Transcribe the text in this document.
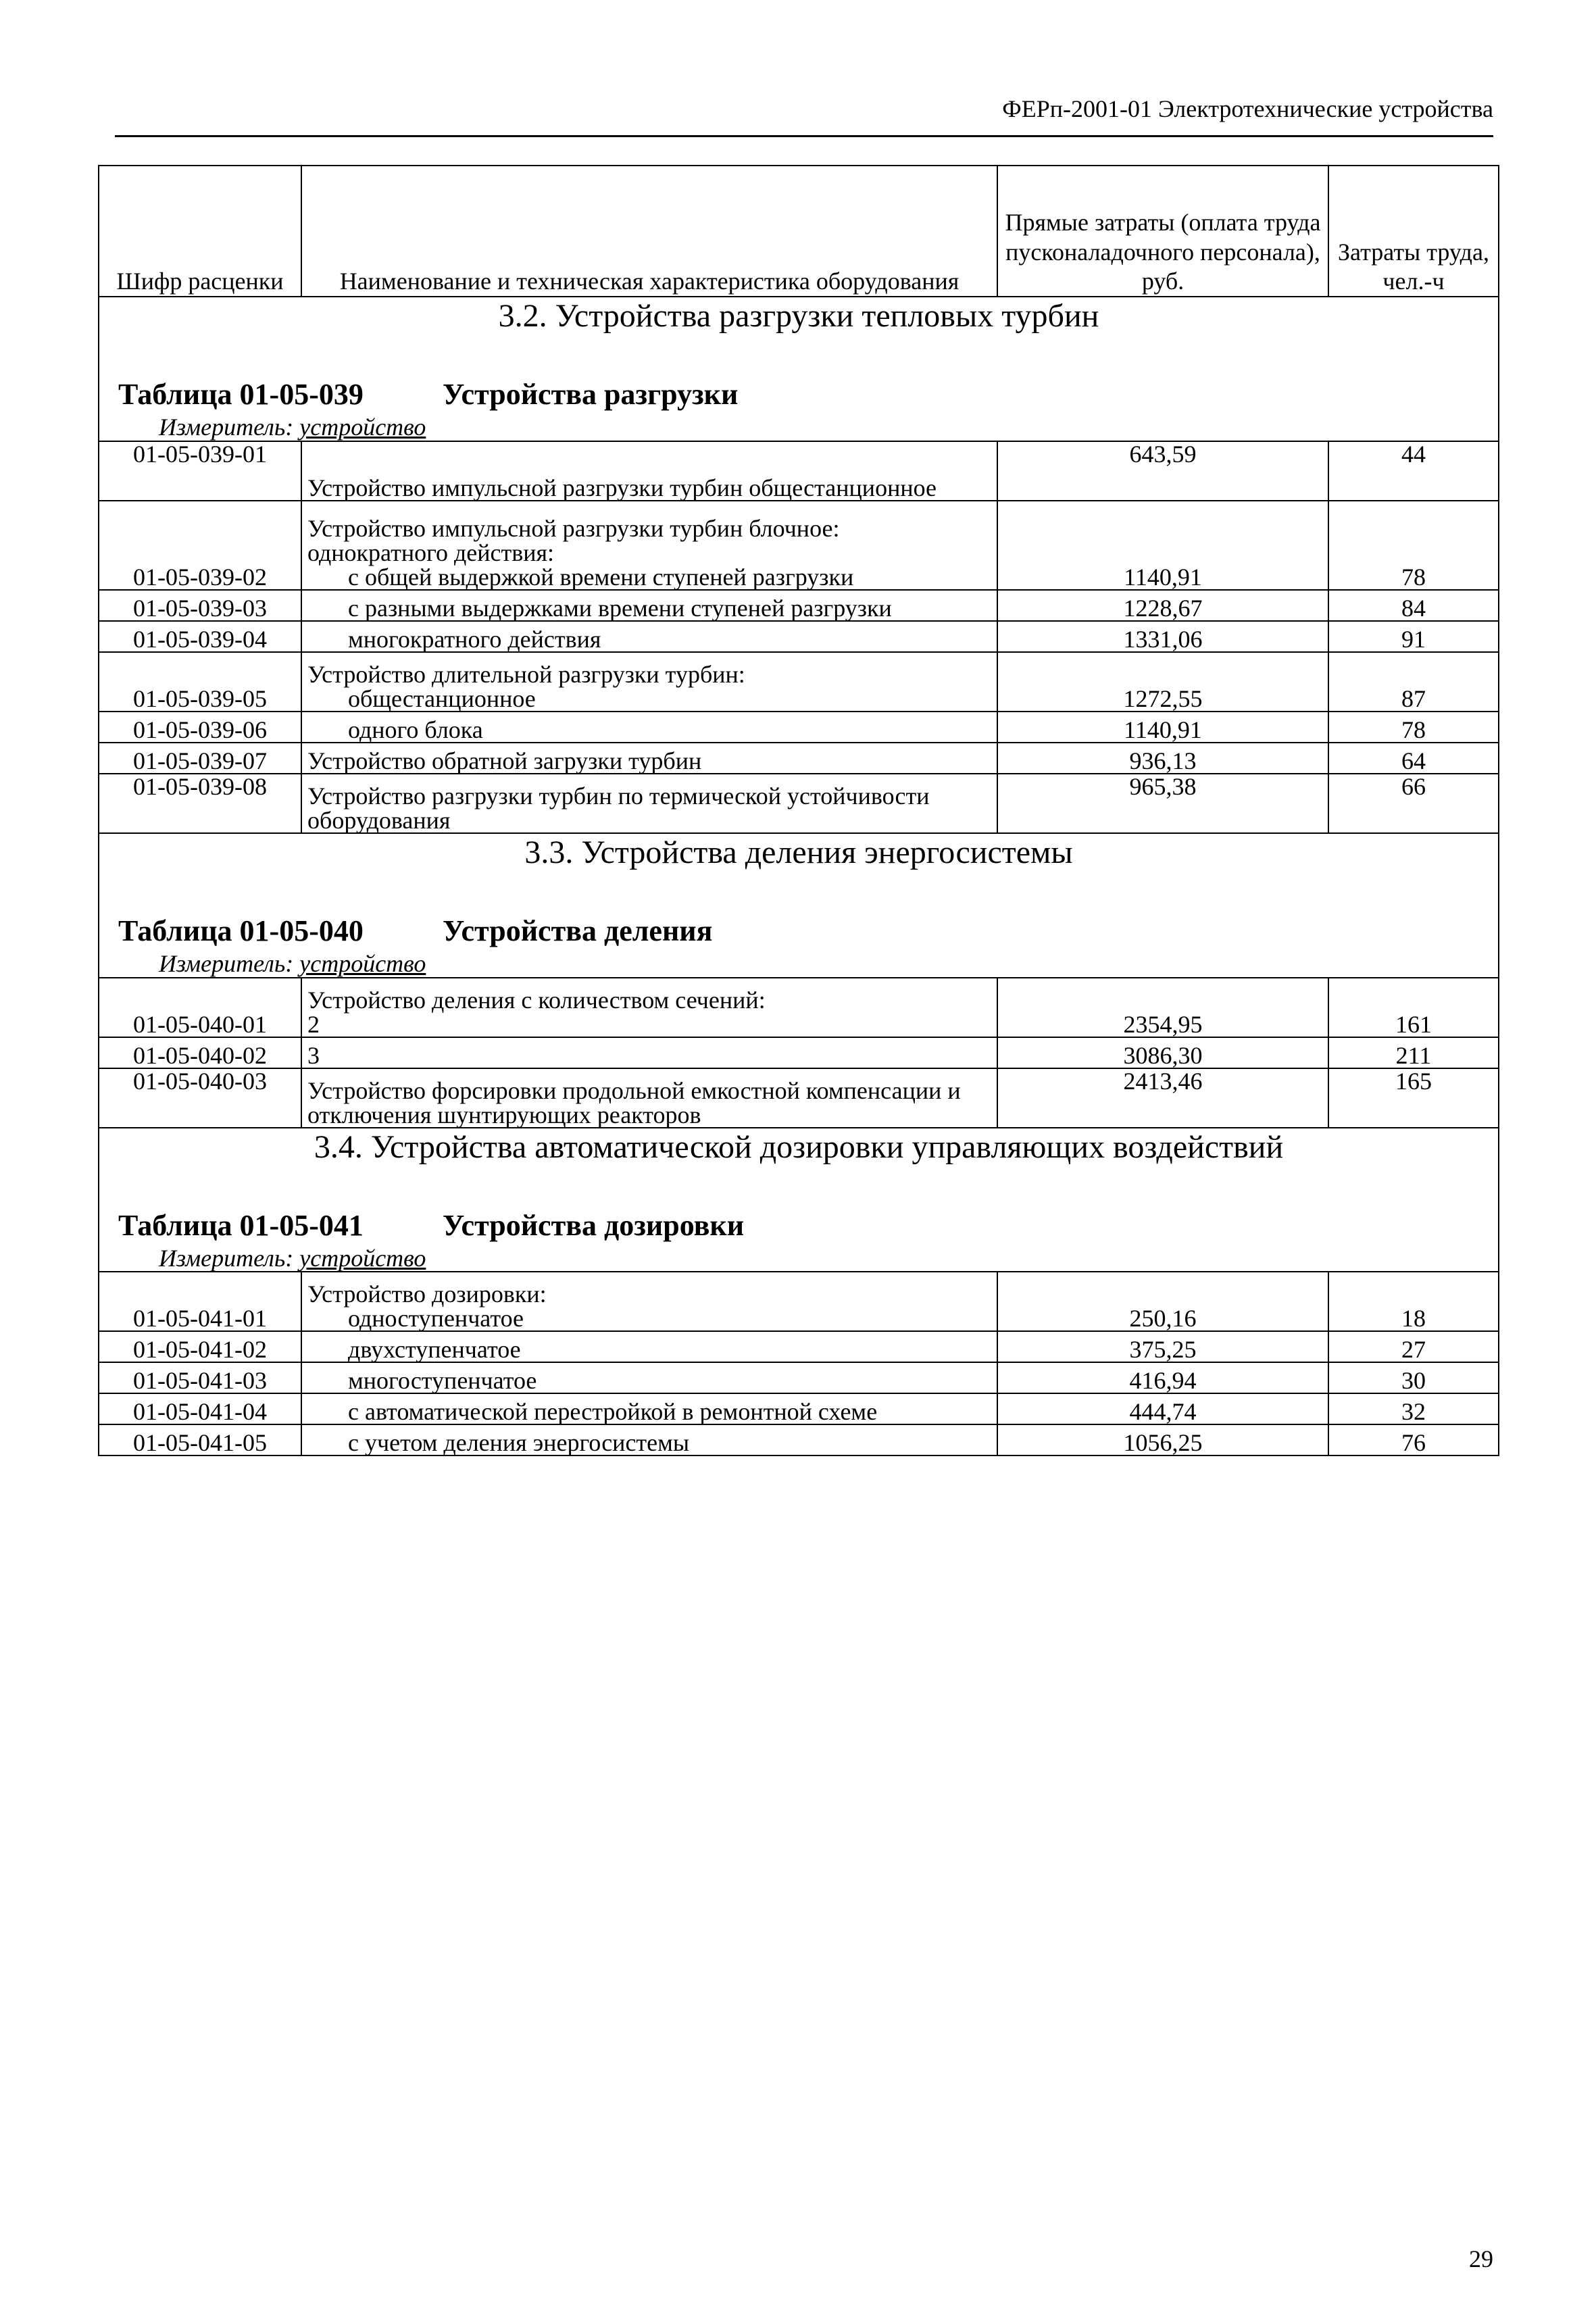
ФЕРп-2001-01 Электротехнические устройства
Шифр расценки	Наименование и техническая характеристика оборудования	Прямые затраты (оплата труда пусконаладочного персонала), руб.	Затраты труда, чел.-ч

3.2. Устройства разгрузки тепловых турбин
Таблица 01-05-039 Устройства разгрузки
Измеритель: устройство			

01-05-039-01	Устройство импульсной разгрузки турбин общестанционное	643,59	44
01-05-039-02	Устройство импульсной разгрузки турбин блочное:
однократного действия:
с общей выдержкой времени ступеней разгрузки	1140,91	78
01-05-039-03	с разными выдержками времени ступеней разгрузки	1228,67	84
01-05-039-04	многократного действия	1331,06	91
01-05-039-05	Устройство длительной разгрузки турбин:
общестанционное	1272,55	87
01-05-039-06	одного блока	1140,91	78
01-05-039-07	Устройство обратной загрузки турбин	936,13	64
01-05-039-08	Устройство разгрузки турбин по термической устойчивости оборудования	965,38	66

3.3. Устройства деления энергосистемы
Таблица 01-05-040 Устройства деления
Измеритель: устройство			

01-05-040-01	Устройство деления с количеством сечений:
2	2354,95	161
01-05-040-02	3	3086,30	211
01-05-040-03	Устройство форсировки продольной емкостной компенсации и отключения шунтирующих реакторов	2413,46	165

3.4. Устройства автоматической дозировки управляющих воздействий
Таблица 01-05-041 Устройства дозировки
Измеритель: устройство			

01-05-041-01	Устройство дозировки:
одноступенчатое	250,16	18
01-05-041-02	двухступенчатое	375,25	27
01-05-041-03	многоступенчатое	416,94	30
01-05-041-04	с автоматической перестройкой в ремонтной схеме	444,74	32
01-05-041-05	с учетом деления энергосистемы	1056,25	76
29
